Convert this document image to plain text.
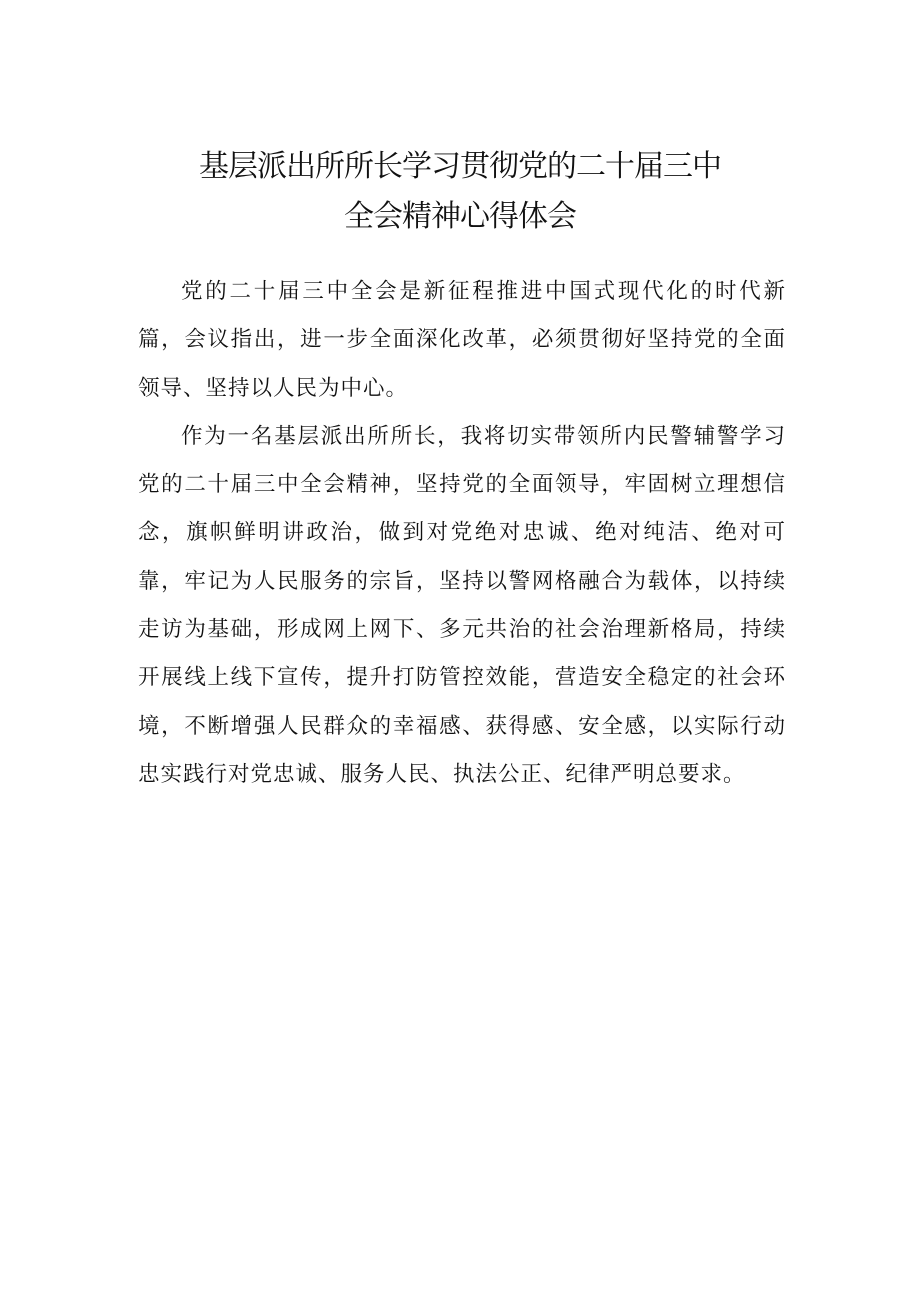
基层派出所所长学习贯彻党的二十届三中
全会精神心得体会

党的二十届三中全会是新征程推进中国式现代化的时代新篇，会议指出，进一步全面深化改革，必须贯彻好坚持党的全面领导、坚持以人民为中心。

作为一名基层派出所所长，我将切实带领所内民警辅警学习党的二十届三中全会精神，坚持党的全面领导，牢固树立理想信念，旗帜鲜明讲政治，做到对党绝对忠诚、绝对纯洁、绝对可靠，牢记为人民服务的宗旨，坚持以警网格融合为载体，以持续走访为基础，形成网上网下、多元共治的社会治理新格局，持续开展线上线下宣传，提升打防管控效能，营造安全稳定的社会环境，不断增强人民群众的幸福感、获得感、安全感，以实际行动忠实践行对党忠诚、服务人民、执法公正、纪律严明总要求。
